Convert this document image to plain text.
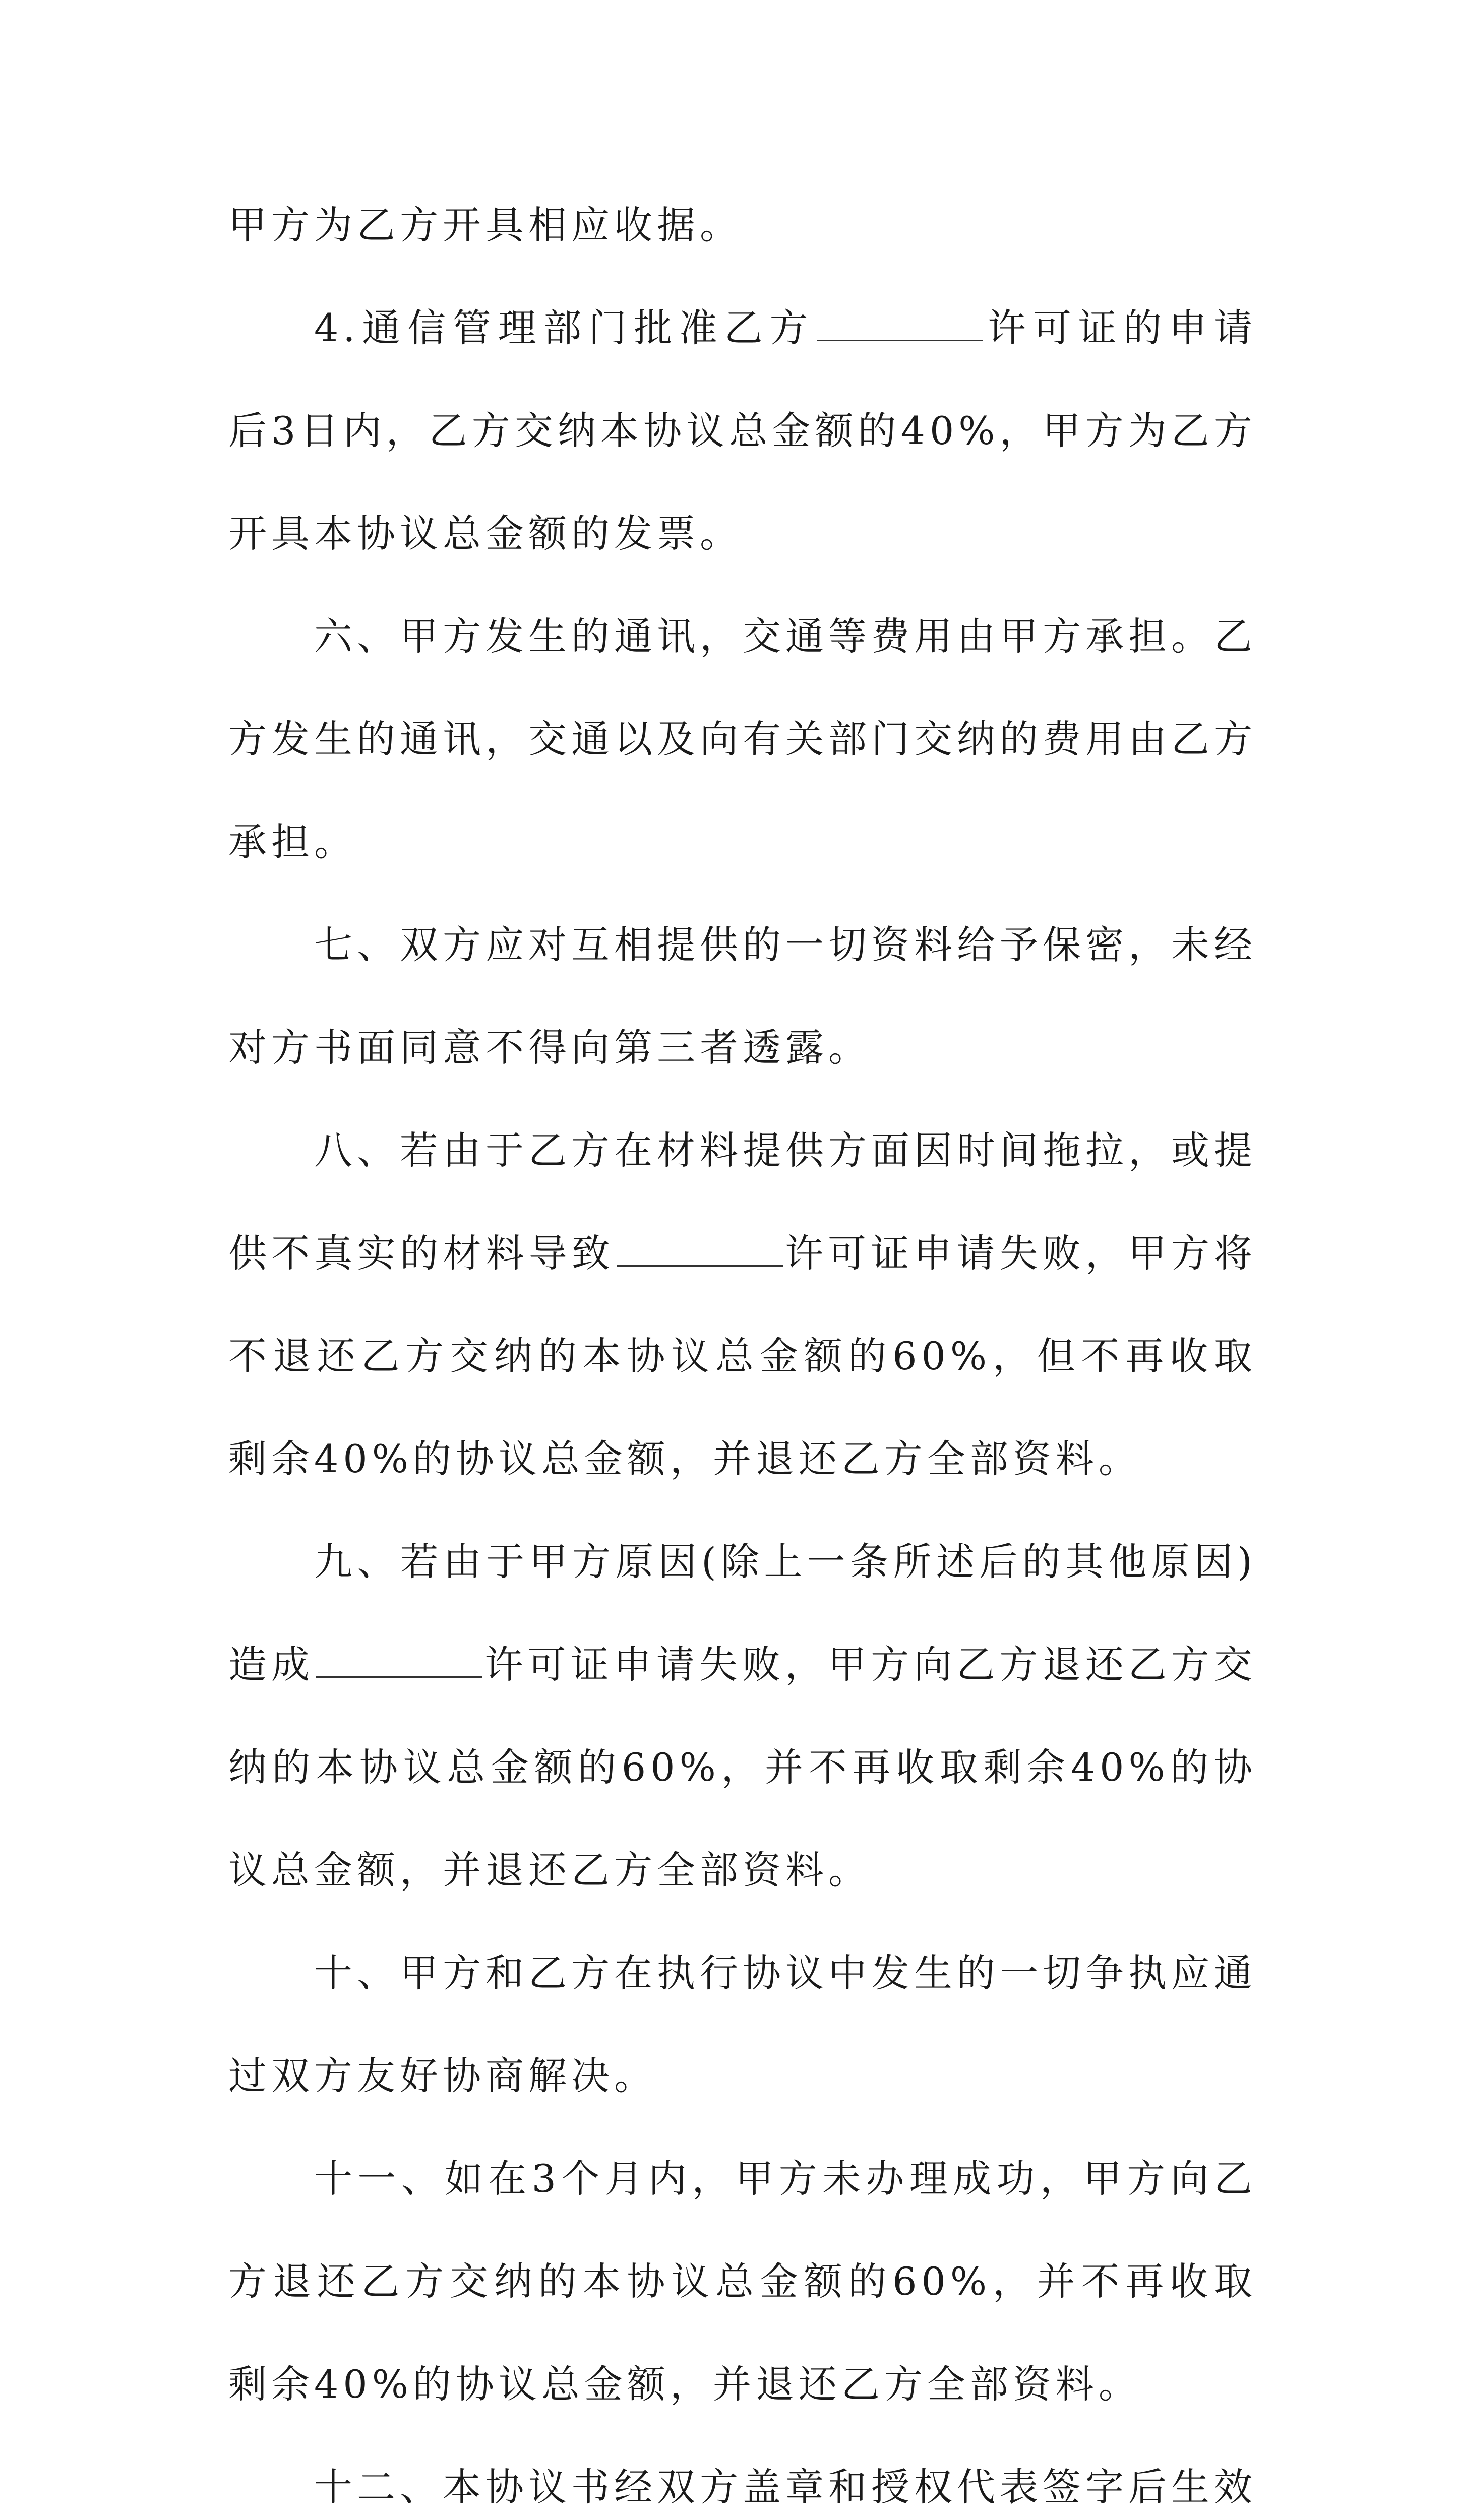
甲方为乙方开具相应收据。

4.通信管理部门批准乙方	许可证的申请后3日内，乙方交纳本协议总金额的40%，甲方为乙方开具本协议总金额的发票。

六、甲方发生的通讯，交通等费用由甲方承担。乙方发生的通讯，交通以及向有关部门交纳的费用由乙方承担。

七、双方应对互相提供的一切资料给予保密，未经对方书面同意不得向第三者透露。

八、若由于乙方在材料提供方面因时间拖拉，或提供不真实的材料导致	许可证申请失败，甲方将不退还乙方交纳的本协议总金额的60%，但不再收取剩余40%的协议总金额，并退还乙方全部资料。

九、若由于甲方原因(除上一条所述后的其他原因)造成	许可证申请失败，甲方向乙方退还乙方交纳的本协议总金额的60%，并不再收取剩余40%的协议总金额，并退还乙方全部资料。

十、甲方和乙方在执行协议中发生的一切争执应通过双方友好协商解决。

十一、如在3个月内，甲方未办理成功，甲方向乙方退还乙方交纳的本协议总金额的60%，并不再收取剩余40%的协议总金额，并退还乙方全部资料。

十二、本协议书经双方盖章和授权代表签字后生效
